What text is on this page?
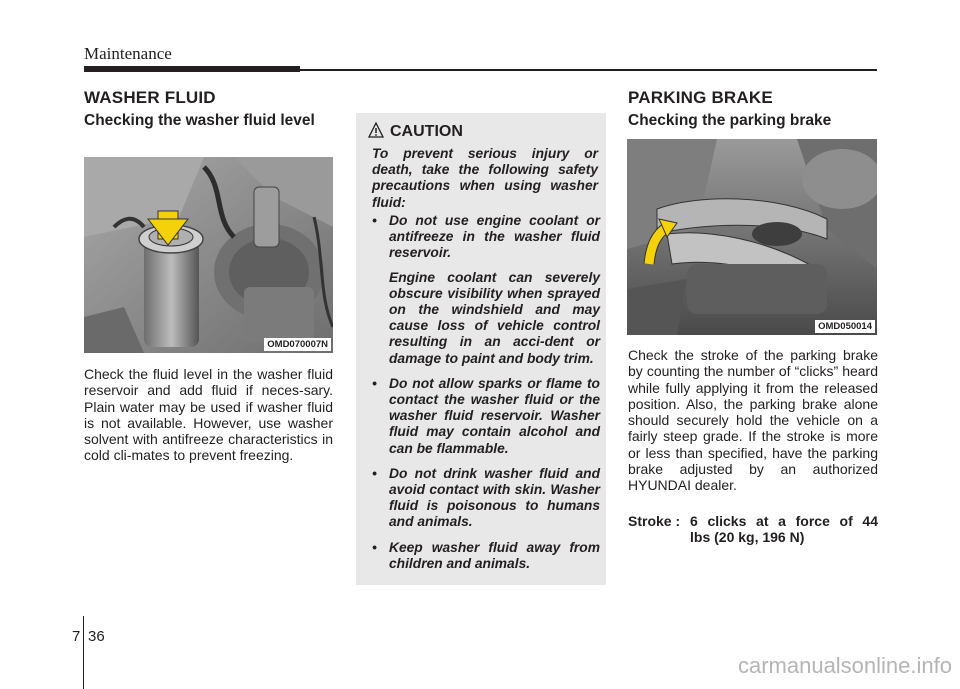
Maintenance
WASHER FLUID
Checking the washer fluid level
OMD070007N
Check the fluid level in the washer fluid reservoir and add fluid if neces-sary. Plain water may be used if washer fluid is not available. However, use washer solvent with antifreeze characteristics in cold cli-mates to prevent freezing.
CAUTION
To prevent serious injury or death, take the following safety precautions when using washer fluid:
• Do not use engine coolant or antifreeze in the washer fluid reservoir.

Engine coolant can severely obscure visibility when sprayed on the windshield and may cause loss of vehicle control resulting in an acci-dent or damage to paint and body trim.

• Do not allow sparks or flame to contact the washer fluid or the washer fluid reservoir. Washer fluid may contain alcohol and can be flammable.

• Do not drink washer fluid and avoid contact with skin. Washer fluid is poisonous to humans and animals.

• Keep washer fluid away from children and animals.

PARKING BRAKE
Checking the parking brake
OMD050014
Check the stroke of the parking brake by counting the number of “clicks” heard while fully applying it from the released position. Also, the parking brake alone should securely hold the vehicle on a fairly steep grade. If the stroke is more or less than specified, have the parking brake adjusted by an authorized HYUNDAI dealer.
Stroke : 6 clicks at a force of 44
lbs (20 kg, 196 N)
7 36
carmanualsonline.info
